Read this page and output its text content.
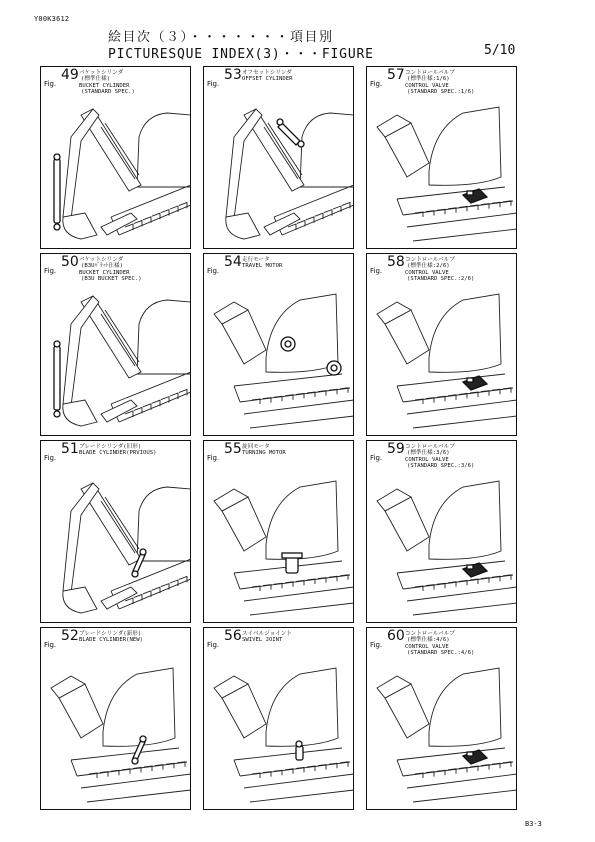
Y00K3612
絵目次（３）・・・・・・・項目別
PICTURESQUE INDEX(3)・・・FIGURE	5/10
Fig.
49 バケットシリンダ
(標準仕様)
BUCKET CYLINDER
(STANDARD SPEC.)
Fig.
53 オフセットシリンダ
OFFSET CYLINDER
Fig.
57 コントロールバルブ
(標準仕様:1/6)
CONTROL VALVE
(STANDARD SPEC.:1/6)
Fig.
50 バケットシリンダ
(B3Uﾊﾞｹｯﾄ仕様)
BUCKET CYLINDER
(B3U BUCKET SPEC.)
Fig.
54 走行モータ
TRAVEL MOTOR
Fig.
58 コントロールバルブ
(標準仕様:2/6)
CONTROL VALVE
(STANDARD SPEC.:2/6)
Fig.
51 ブレードシリンダ(旧形)
BLADE CYLINDER(PRVIOUS)
Fig.
55 旋回モータ
TURNING MOTOR
Fig.
59 コントロールバルブ
(標準仕様:3/6)
CONTROL VALVE
(STANDARD SPEC.:3/6)
Fig.
52 ブレードシリンダ(新形)
BLADE CYLINDER(NEW)
Fig.
56 スイベルジョイント
SWIVEL JOINT
Fig.
60 コントロールバルブ
(標準仕様:4/6)
CONTROL VALVE
(STANDARD SPEC.:4/6)
B3-3
